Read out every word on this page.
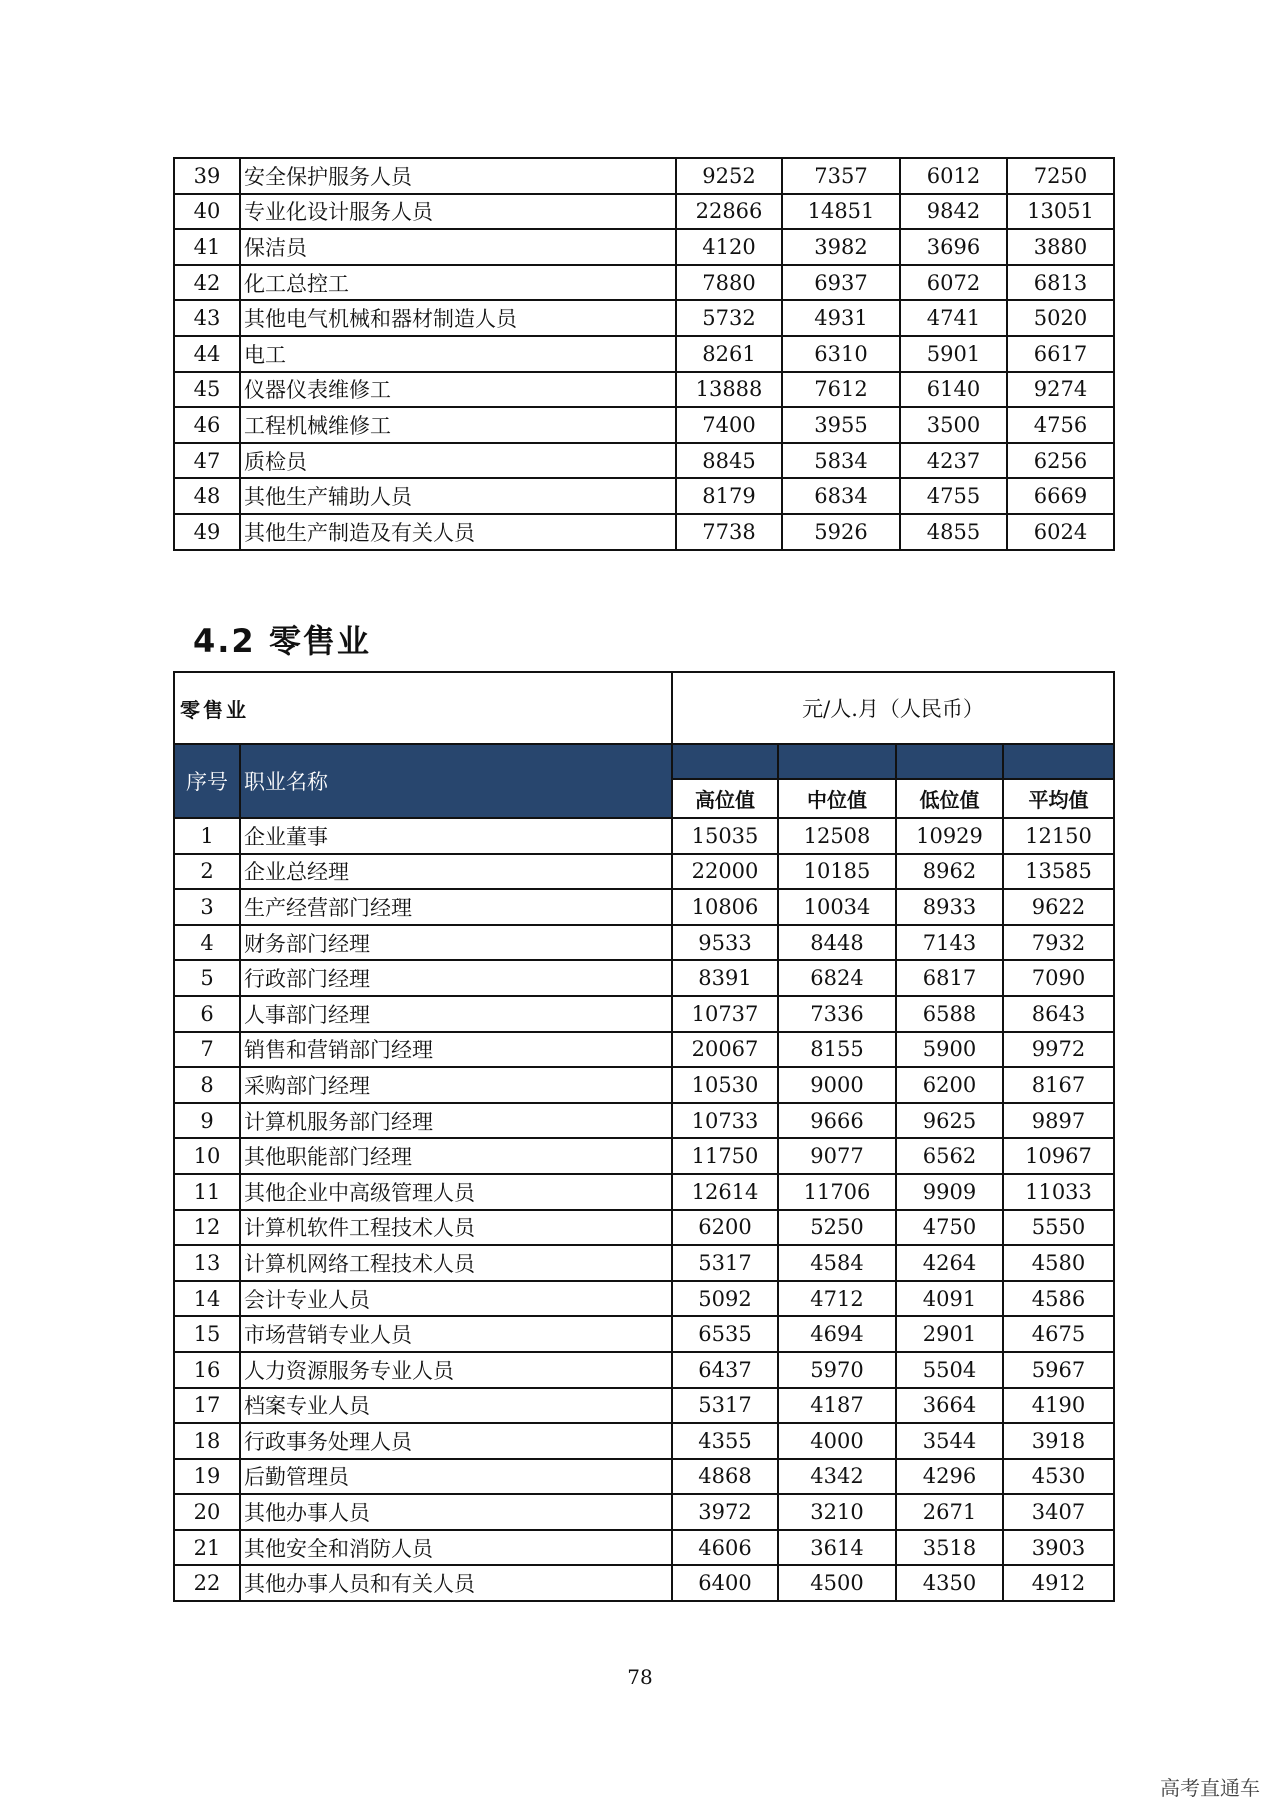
39	安全保护服务人员	9252	7357	6012	7250
40	专业化设计服务人员	22866	14851	9842	13051
41	保洁员	4120	3982	3696	3880
42	化工总控工	7880	6937	6072	6813
43	其他电气机械和器材制造人员	5732	4931	4741	5020
44	电工	8261	6310	5901	6617
45	仪器仪表维修工	13888	7612	6140	9274
46	工程机械维修工	7400	3955	3500	4756
47	质检员	8845	5834	4237	6256
48	其他生产辅助人员	8179	6834	4755	6669
49	其他生产制造及有关人员	7738	5926	4855	6024
4.2 零售业
零售业		元/人.月（人民币）			
序号	职业名称				
		高位值	中位值	低位值	平均值
1	企业董事	15035	12508	10929	12150
2	企业总经理	22000	10185	8962	13585
3	生产经营部门经理	10806	10034	8933	9622
4	财务部门经理	9533	8448	7143	7932
5	行政部门经理	8391	6824	6817	7090
6	人事部门经理	10737	7336	6588	8643
7	销售和营销部门经理	20067	8155	5900	9972
8	采购部门经理	10530	9000	6200	8167
9	计算机服务部门经理	10733	9666	9625	9897
10	其他职能部门经理	11750	9077	6562	10967
11	其他企业中高级管理人员	12614	11706	9909	11033
12	计算机软件工程技术人员	6200	5250	4750	5550
13	计算机网络工程技术人员	5317	4584	4264	4580
14	会计专业人员	5092	4712	4091	4586
15	市场营销专业人员	6535	4694	2901	4675
16	人力资源服务专业人员	6437	5970	5504	5967
17	档案专业人员	5317	4187	3664	4190
18	行政事务处理人员	4355	4000	3544	3918
19	后勤管理员	4868	4342	4296	4530
20	其他办事人员	3972	3210	2671	3407
21	其他安全和消防人员	4606	3614	3518	3903
22	其他办事人员和有关人员	6400	4500	4350	4912
78
高考直通车
